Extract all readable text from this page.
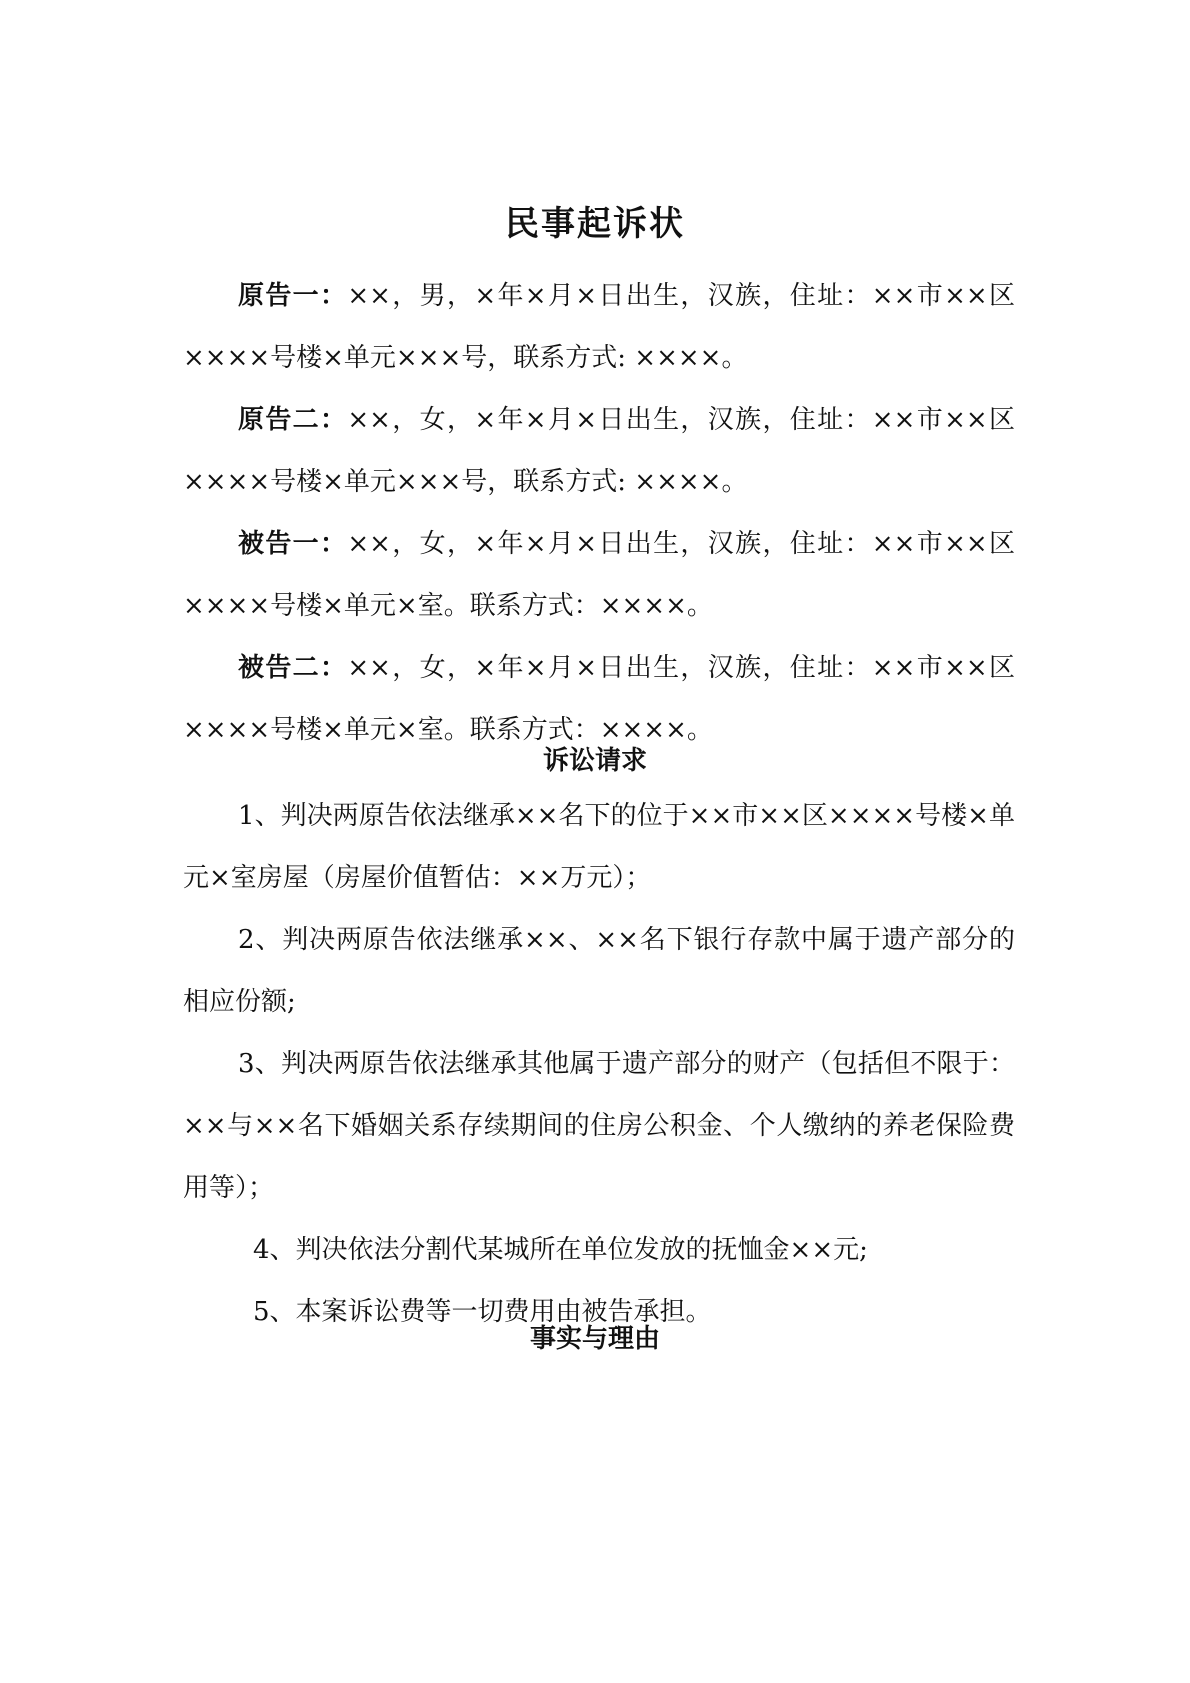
民事起诉状

原告一：××，男，×年×月×日出生，汉族，住址：××市××区××××号楼×单元×××号，联系方式: ××××。

原告二：××，女，×年×月×日出生，汉族，住址：××市××区××××号楼×单元×××号，联系方式: ××××。

被告一：××，女，×年×月×日出生，汉族，住址：××市××区××××号楼×单元×室。联系方式：××××。

被告二：××，女，×年×月×日出生，汉族，住址：××市××区××××号楼×单元×室。联系方式：××××。

诉讼请求

1、判决两原告依法继承××名下的位于××市××区××××号楼×单元×室房屋（房屋价值暂估：××万元）；

2、判决两原告依法继承××、××名下银行存款中属于遗产部分的相应份额;

3、判决两原告依法继承其他属于遗产部分的财产（包括但不限于：××与××名下婚姻关系存续期间的住房公积金、个人缴纳的养老保险费用等）；

4、判决依法分割代某城所在单位发放的抚恤金××元;

5、本案诉讼费等一切费用由被告承担。

事实与理由
